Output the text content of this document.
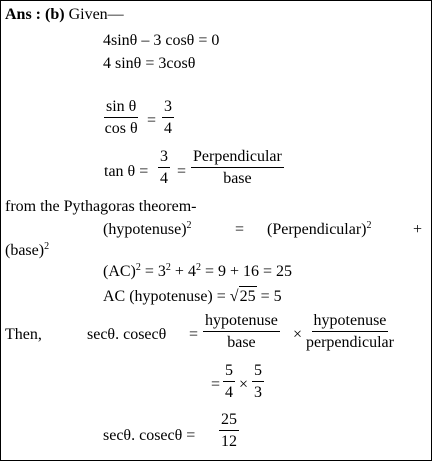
Ans : (b) Given—
4sinθ – 3 cosθ = 0
4 sinθ = 3cosθ
$\frac{\text{sin θ}}{\text{cos θ}} = \frac{3}{4}$
$\tan \theta = \frac{3}{4}$ =
Perpendicular
base
from the Pythagoras theorem-
(hypotenuse)$^2$	= (Perpendicular)$^2$	+
(base)$^2$
$(AC)^2 = 3^2 + 4^2 = 9 + 16 = 25$
AC (hypotenuse) = √25 = 5
Then,	secθ. cosecθ =
hypotenuse
base ×
hypotenuse
perpendicular
= $\frac{5}{4} \times \frac{5}{3}$
secθ. $cosec\theta = \frac{25}{12}$
